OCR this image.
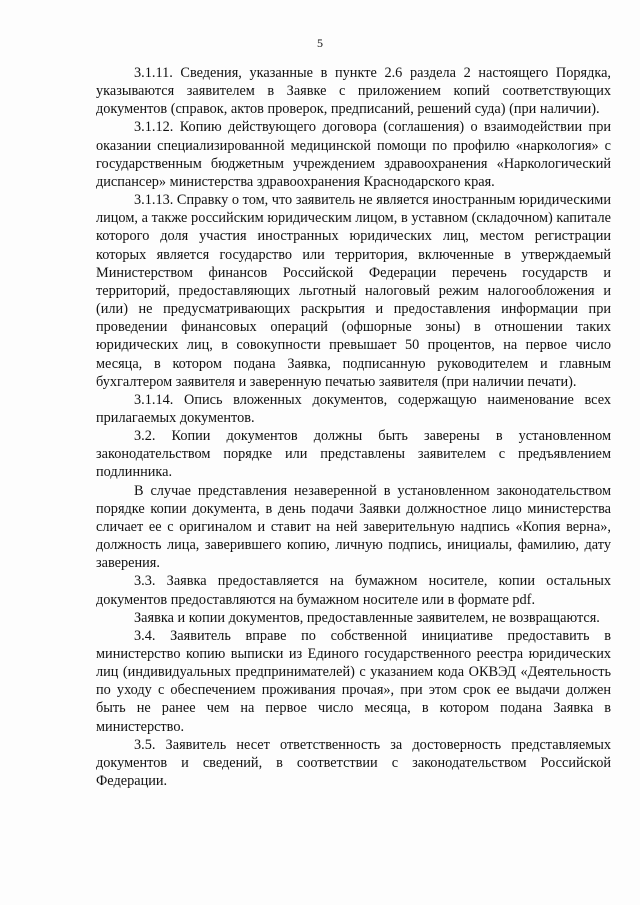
5

3.1.11. Сведения, указанные в пункте 2.6 раздела 2 настоящего Порядка, указываются заявителем в Заявке с приложением копий соответствующих документов (справок, актов проверок, предписаний, решений суда) (при наличии).

3.1.12. Копию действующего договора (соглашения) о взаимодействии при оказании специализированной медицинской помощи по профилю «наркология» с государственным бюджетным учреждением здравоохранения «Наркологический диспансер» министерства здравоохранения Краснодарского края.

3.1.13. Справку о том, что заявитель не является иностранным юридическими лицом, а также российским юридическим лицом, в уставном (складочном) капитале которого доля участия иностранных юридических лиц, местом регистрации которых является государство или территория, включенные в утверждаемый Министерством финансов Российской Федерации перечень государств и территорий, предоставляющих льготный налоговый режим налогообложения и (или) не предусматривающих раскрытия и предоставления информации при проведении финансовых операций (офшорные зоны) в отношении таких юридических лиц, в совокупности превышает 50 процентов, на первое число месяца, в котором подана Заявка, подписанную руководителем и главным бухгалтером заявителя и заверенную печатью заявителя (при наличии печати).

3.1.14. Опись вложенных документов, содержащую наименование всех прилагаемых документов.

3.2. Копии документов должны быть заверены в установленном законодательством порядке или представлены заявителем с предъявлением подлинника.

В случае представления незаверенной в установленном законодательством порядке копии документа, в день подачи Заявки должностное лицо министерства сличает ее с оригиналом и ставит на ней заверительную надпись «Копия верна», должность лица, заверившего копию, личную подпись, инициалы, фамилию, дату заверения.

3.3. Заявка предоставляется на бумажном носителе, копии остальных документов предоставляются на бумажном носителе или в формате pdf.

Заявка и копии документов, предоставленные заявителем, не возвращаются.

3.4. Заявитель вправе по собственной инициативе предоставить в министерство копию выписки из Единого государственного реестра юридических лиц (индивидуальных предпринимателей) с указанием кода ОКВЭД «Деятельность по уходу с обеспечением проживания прочая», при этом срок ее выдачи должен быть не ранее чем на первое число месяца, в котором подана Заявка в министерство.

3.5. Заявитель несет ответственность за достоверность представляемых документов и сведений, в соответствии с законодательством Российской Федерации.
